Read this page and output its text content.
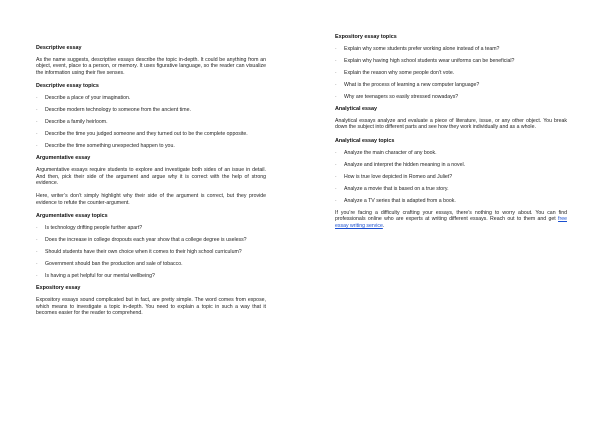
Descriptive essay

As the name suggests, descriptive essays describe the topic in-depth. It could be anything from an object, event, place to a person, or memory. It uses figurative language, so the reader can visualize the information using their five senses.

Descriptive essay topics
· Describe a place of your imagination.
· Describe modern technology to someone from the ancient time.
· Describe a family heirloom.
· Describe the time you judged someone and they turned out to be the complete opposite.
· Describe the time something unexpected happen to you.
Argumentative essay

Argumentative essays require students to explore and investigate both sides of an issue in detail. And then, pick their side of the argument and argue why it is correct with the help of strong evidence.

Here, writer’s don’t simply highlight why their side of the argument is correct, but they provide evidence to refute the counter-argument.

Argumentative essay topics
· Is technology drifting people further apart?
· Does the increase in college dropouts each year show that a college degree is useless?
· Should students have their own choice when it comes to their high school curriculum?
· Government should ban the production and sale of tobacco.
· Is having a pet helpful for our mental wellbeing?
Expository essay

Expository essays sound complicated but in fact, are pretty simple. The word comes from expose, which means to investigate a topic in-depth. You need to explain a topic in such a way that it becomes easier for the reader to comprehend.

Expository essay topics
· Explain why some students prefer working alone instead of a team?
· Explain why having high school students wear uniforms can be beneficial?
· Explain the reason why some people don’t vote.
· What is the process of learning a new computer language?
· Why are teenagers so easily stressed nowadays?
Analytical essay

Analytical essays analyze and evaluate a piece of literature, issue, or any other object. You break down the subject into different parts and see how they work individually and as a whole.

Analytical essay topics
· Analyze the main character of any book.
· Analyze and interpret the hidden meaning in a novel.
· How is true love depicted in Romeo and Juliet?
· Analyze a movie that is based on a true story.
· Analyze a TV series that is adapted from a book.

If you’re facing a difficulty crafting your essays, there’s nothing to worry about. You can find professionals online who are experts at writing different essays. Reach out to them and get free essay writing service.
